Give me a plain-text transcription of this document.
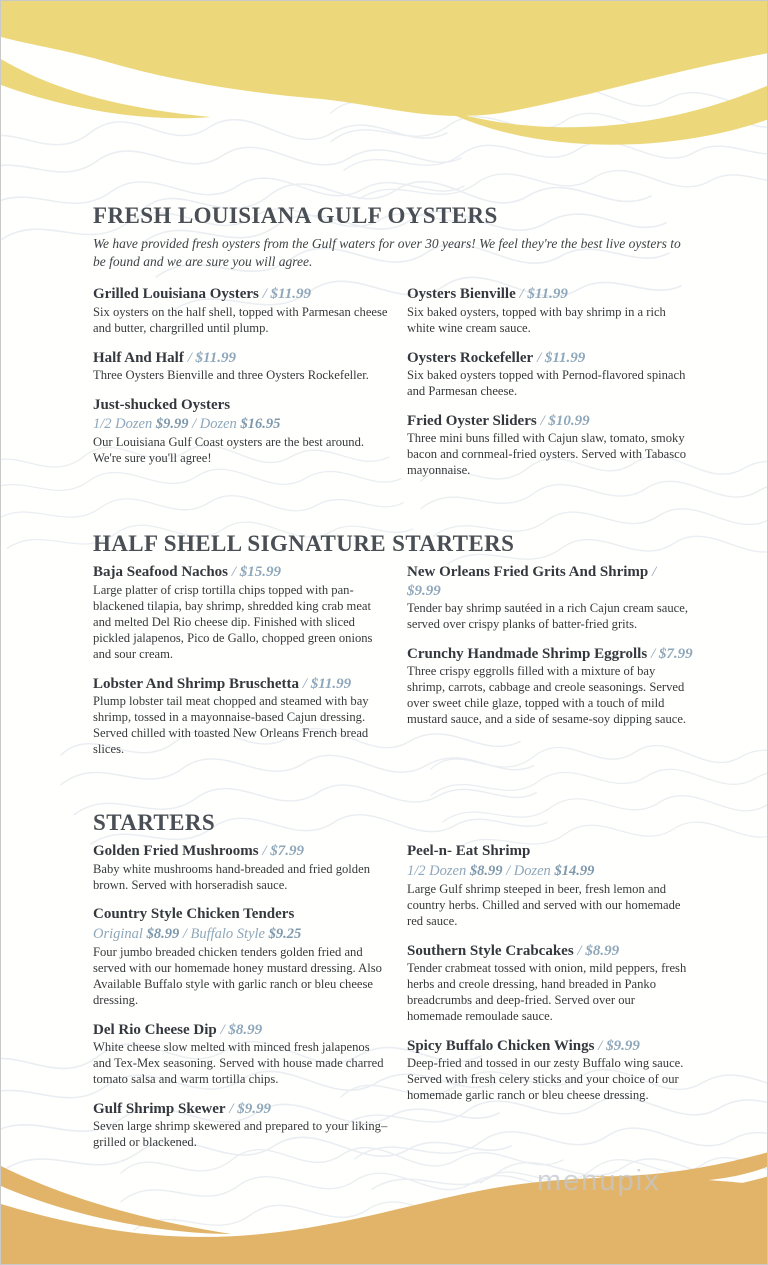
FRESH LOUISIANA GULF OYSTERS

We have provided fresh oysters from the Gulf waters for over 30 years! We feel they're the best live oysters to be found and we are sure you will agree.

Grilled Louisiana Oysters / $11.99

Six oysters on the half shell, topped with Parmesan cheese and butter, chargrilled until plump.

Half And Half / $11.99

Three Oysters Bienville and three Oysters Rockefeller.

Just-shucked Oysters
1/2 Dozen $9.99 / Dozen $16.95

Our Louisiana Gulf Coast oysters are the best around. We're sure you'll agree!

Oysters Bienville / $11.99

Six baked oysters, topped with bay shrimp in a rich white wine cream sauce.

Oysters Rockefeller / $11.99

Six baked oysters topped with Pernod-flavored spinach and Parmesan cheese.

Fried Oyster Sliders / $10.99

Three mini buns filled with Cajun slaw, tomato, smoky bacon and cornmeal-fried oysters. Served with Tabasco mayonnaise.

HALF SHELL SIGNATURE STARTERS
Baja Seafood Nachos / $15.99

Large platter of crisp tortilla chips topped with pan-blackened tilapia, bay shrimp, shredded king crab meat and melted Del Rio cheese dip. Finished with sliced pickled jalapenos, Pico de Gallo, chopped green onions and sour cream.

Lobster And Shrimp Bruschetta / $11.99

Plump lobster tail meat chopped and steamed with bay shrimp, tossed in a mayonnaise-based Cajun dressing. Served chilled with toasted New Orleans French bread slices.

New Orleans Fried Grits And Shrimp / $9.99

Tender bay shrimp sautéed in a rich Cajun cream sauce, served over crispy planks of batter-fried grits.

Crunchy Handmade Shrimp Eggrolls / $7.99

Three crispy eggrolls filled with a mixture of bay shrimp, carrots, cabbage and creole seasonings. Served over sweet chile glaze, topped with a touch of mild mustard sauce, and a side of sesame-soy dipping sauce.

STARTERS
Golden Fried Mushrooms / $7.99

Baby white mushrooms hand-breaded and fried golden brown. Served with horseradish sauce.

Country Style Chicken Tenders
Original $8.99 / Buffalo Style $9.25

Four jumbo breaded chicken tenders golden fried and served with our homemade honey mustard dressing. Also Available Buffalo style with garlic ranch or bleu cheese dressing.

Del Rio Cheese Dip / $8.99

White cheese slow melted with minced fresh jalapenos and Tex-Mex seasoning. Served with house made charred tomato salsa and warm tortilla chips.

Gulf Shrimp Skewer / $9.99

Seven large shrimp skewered and prepared to your liking–grilled or blackened.

Peel-n- Eat Shrimp
1/2 Dozen $8.99 / Dozen $14.99

Large Gulf shrimp steeped in beer, fresh lemon and country herbs. Chilled and served with our homemade red sauce.

Southern Style Crabcakes / $8.99

Tender crabmeat tossed with onion, mild peppers, fresh herbs and creole dressing, hand breaded in Panko breadcrumbs and deep-fried. Served over our homemade remoulade sauce.

Spicy Buffalo Chicken Wings / $9.99

Deep-fried and tossed in our zesty Buffalo wing sauce. Served with fresh celery sticks and your choice of our homemade garlic ranch or bleu cheese dressing.

menupix
